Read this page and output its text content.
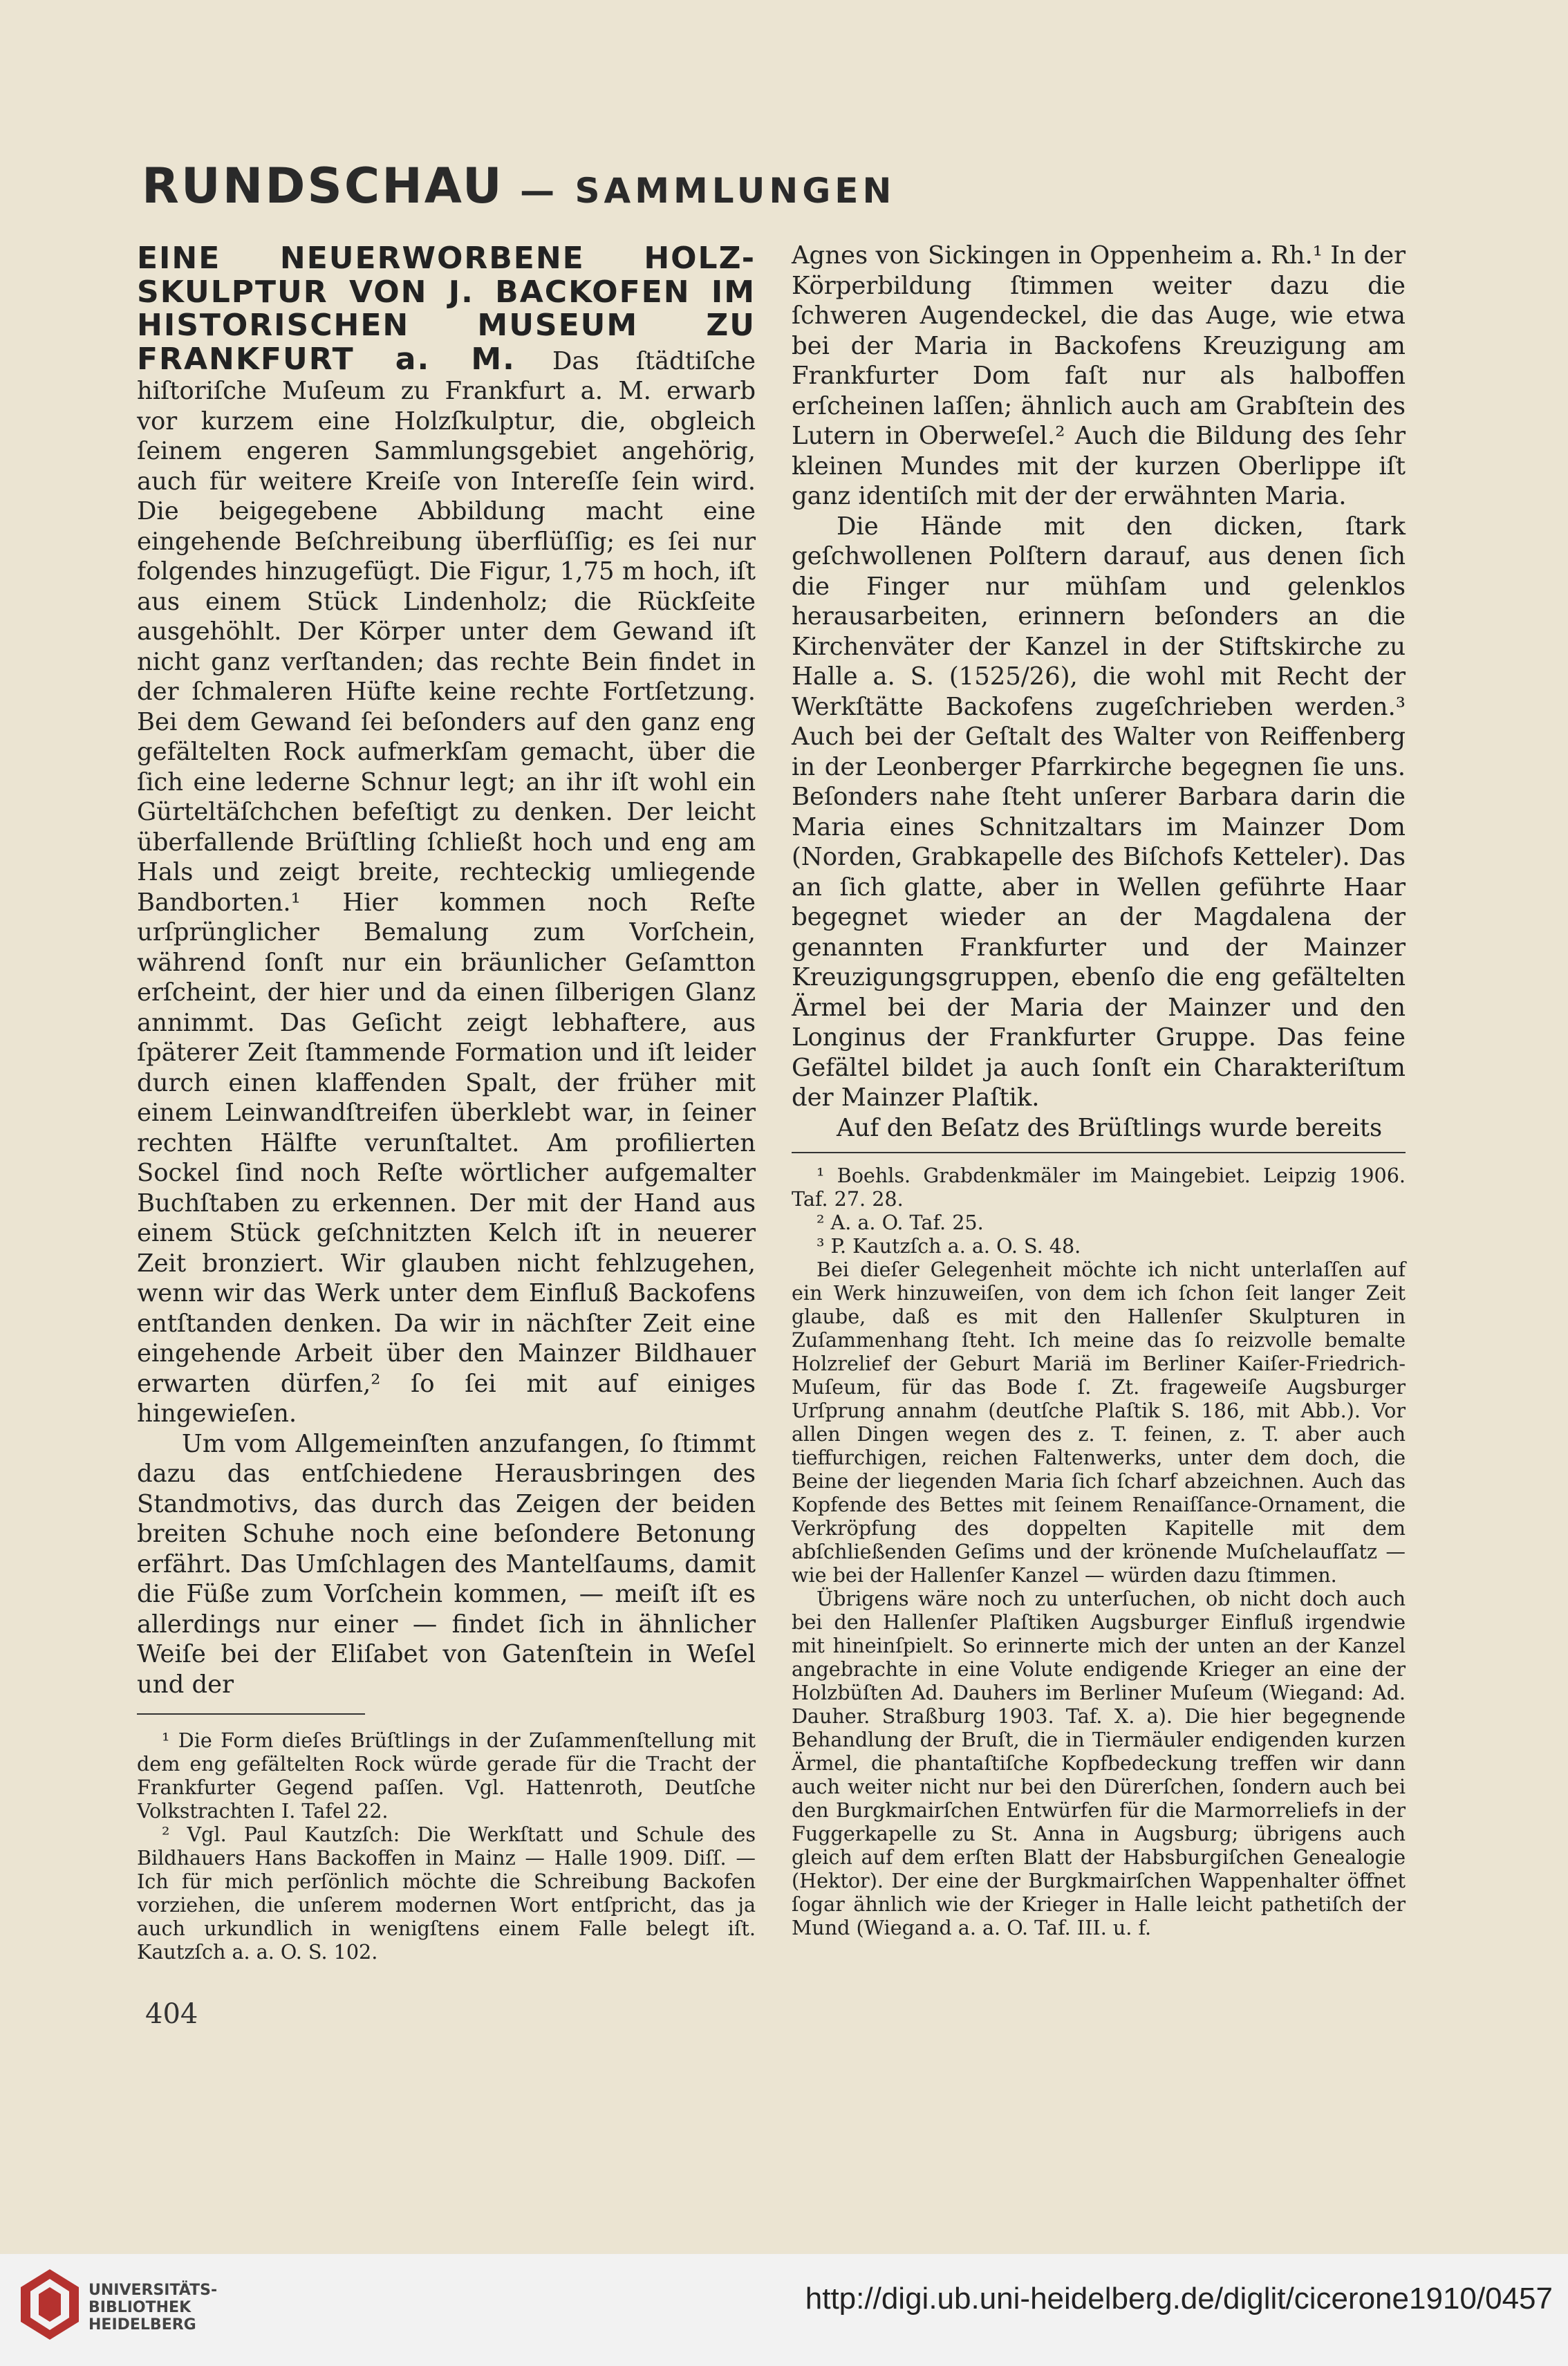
RUNDSCHAU — SAMMLUNGEN

EINE NEUERWORBENE HOLZ-SKULPTUR VON J. BACKOFEN IM HISTORISCHEN MUSEUM ZU FRANKFURT a. M. Das ſtädtiſche hiſtoriſche Muſeum zu Frankfurt a. M. erwarb vor kurzem eine Holzſkulptur, die, obgleich ſeinem engeren Sammlungsgebiet angehörig, auch für weitere Kreiſe von Intereſſe ſein wird. Die beigegebene Abbildung macht eine eingehende Beſchreibung überflüſſig; es ſei nur folgendes hinzugefügt. Die Figur, 1,75 m hoch, iſt aus einem Stück Lindenholz; die Rückſeite ausgehöhlt. Der Körper unter dem Gewand iſt nicht ganz verſtanden; das rechte Bein findet in der ſchmaleren Hüfte keine rechte Fortſetzung. Bei dem Gewand ſei beſonders auf den ganz eng gefältelten Rock aufmerkſam gemacht, über die ſich eine lederne Schnur legt; an ihr iſt wohl ein Gürteltäſchchen befeſtigt zu denken. Der leicht überfallende Brüſtling ſchließt hoch und eng am Hals und zeigt breite, rechteckig umliegende Bandborten.¹ Hier kommen noch Reſte urſprünglicher Bemalung zum Vorſchein, während ſonſt nur ein bräunlicher Geſamtton erſcheint, der hier und da einen ſilberigen Glanz annimmt. Das Geſicht zeigt lebhaftere, aus ſpäterer Zeit ſtammende Formation und iſt leider durch einen klaffenden Spalt, der früher mit einem Leinwandſtreifen überklebt war, in ſeiner rechten Hälfte verunſtaltet. Am profilierten Sockel ſind noch Reſte wörtlicher aufgemalter Buchſtaben zu erkennen. Der mit der Hand aus einem Stück geſchnitzten Kelch iſt in neuerer Zeit bronziert. Wir glauben nicht fehlzugehen, wenn wir das Werk unter dem Einfluß Backofens entſtanden denken. Da wir in nächſter Zeit eine eingehende Arbeit über den Mainzer Bildhauer erwarten dürfen,² ſo ſei mit auf einiges hingewieſen.

Um vom Allgemeinſten anzufangen, ſo ſtimmt dazu das entſchiedene Herausbringen des Standmotivs, das durch das Zeigen der beiden breiten Schuhe noch eine beſondere Betonung erfährt. Das Umſchlagen des Mantelſaums, damit die Füße zum Vorſchein kommen, — meiſt iſt es allerdings nur einer — findet ſich in ähnlicher Weiſe bei der Eliſabet von Gatenſtein in Weſel und der

¹ Die Form dieſes Brüſtlings in der Zuſammenſtellung mit dem eng gefältelten Rock würde gerade für die Tracht der Frankfurter Gegend paſſen. Vgl. Hattenroth, Deutſche Volkstrachten I. Tafel 22.

² Vgl. Paul Kautzſch: Die Werkſtatt und Schule des Bildhauers Hans Backoffen in Mainz — Halle 1909. Diſſ. — Ich für mich perſönlich möchte die Schreibung Backofen vorziehen, die unſerem modernen Wort entſpricht, das ja auch urkundlich in wenigſtens einem Falle belegt iſt. Kautzſch a. a. O. S. 102.

Agnes von Sickingen in Oppenheim a. Rh.¹ In der Körperbildung ſtimmen weiter dazu die ſchweren Augendeckel, die das Auge, wie etwa bei der Maria in Backofens Kreuzigung am Frankfurter Dom faſt nur als halboffen erſcheinen laſſen; ähnlich auch am Grabſtein des Lutern in Oberweſel.² Auch die Bildung des ſehr kleinen Mundes mit der kurzen Oberlippe iſt ganz identiſch mit der der erwähnten Maria.

Die Hände mit den dicken, ſtark geſchwollenen Polſtern darauf, aus denen ſich die Finger nur mühſam und gelenklos herausarbeiten, erinnern beſonders an die Kirchenväter der Kanzel in der Stiftskirche zu Halle a. S. (1525/26), die wohl mit Recht der Werkſtätte Backofens zugeſchrieben werden.³ Auch bei der Geſtalt des Walter von Reiffenberg in der Leonberger Pfarrkirche begegnen ſie uns. Beſonders nahe ſteht unſerer Barbara darin die Maria eines Schnitzaltars im Mainzer Dom (Norden, Grabkapelle des Biſchofs Ketteler). Das an ſich glatte, aber in Wellen geführte Haar begegnet wieder an der Magdalena der genannten Frankfurter und der Mainzer Kreuzigungsgruppen, ebenſo die eng gefältelten Ärmel bei der Maria der Mainzer und den Longinus der Frankfurter Gruppe. Das feine Gefältel bildet ja auch ſonſt ein Charakteriſtum der Mainzer Plaſtik.

Auf den Beſatz des Brüſtlings wurde bereits

¹ Boehls. Grabdenkmäler im Maingebiet. Leipzig 1906. Taf. 27. 28.

² A. a. O. Taf. 25.

³ P. Kautzſch a. a. O. S. 48.

Bei dieſer Gelegenheit möchte ich nicht unterlaſſen auf ein Werk hinzuweiſen, von dem ich ſchon ſeit langer Zeit glaube, daß es mit den Hallenſer Skulpturen in Zuſammenhang ſteht. Ich meine das ſo reizvolle bemalte Holzrelief der Geburt Mariä im Berliner Kaiſer-Friedrich-Muſeum, für das Bode ſ. Zt. frageweiſe Augsburger Urſprung annahm (deutſche Plaſtik S. 186, mit Abb.). Vor allen Dingen wegen des z. T. feinen, z. T. aber auch tieffurchigen, reichen Faltenwerks, unter dem doch, die Beine der liegenden Maria ſich ſcharf abzeichnen. Auch das Kopfende des Bettes mit ſeinem Renaiſſance-Ornament, die Verkröpfung des doppelten Kapitelle mit dem abſchließenden Geſims und der krönende Muſchelaufſatz — wie bei der Hallenſer Kanzel — würden dazu ſtimmen.

Übrigens wäre noch zu unterſuchen, ob nicht doch auch bei den Hallenſer Plaſtiken Augsburger Einfluß irgendwie mit hineinſpielt. So erinnerte mich der unten an der Kanzel angebrachte in eine Volute endigende Krieger an eine der Holzbüſten Ad. Dauhers im Berliner Muſeum (Wiegand: Ad. Dauher. Straßburg 1903. Taf. X. a). Die hier begegnende Behandlung der Bruſt, die in Tiermäuler endigenden kurzen Ärmel, die phantaſtiſche Kopfbedeckung treffen wir dann auch weiter nicht nur bei den Dürerſchen, ſondern auch bei den Burgkmairſchen Entwürfen für die Marmorreliefs in der Fuggerkapelle zu St. Anna in Augsburg; übrigens auch gleich auf dem erſten Blatt der Habsburgiſchen Genealogie (Hektor). Der eine der Burgkmairſchen Wappenhalter öffnet ſogar ähnlich wie der Krieger in Halle leicht pathetiſch der Mund (Wiegand a. a. O. Taf. III. u. f.

404
UNIVERSITÄTS-
BIBLIOTHEK
HEIDELBERG
http://digi.ub.uni-heidelberg.de/diglit/cicerone1910/0457
